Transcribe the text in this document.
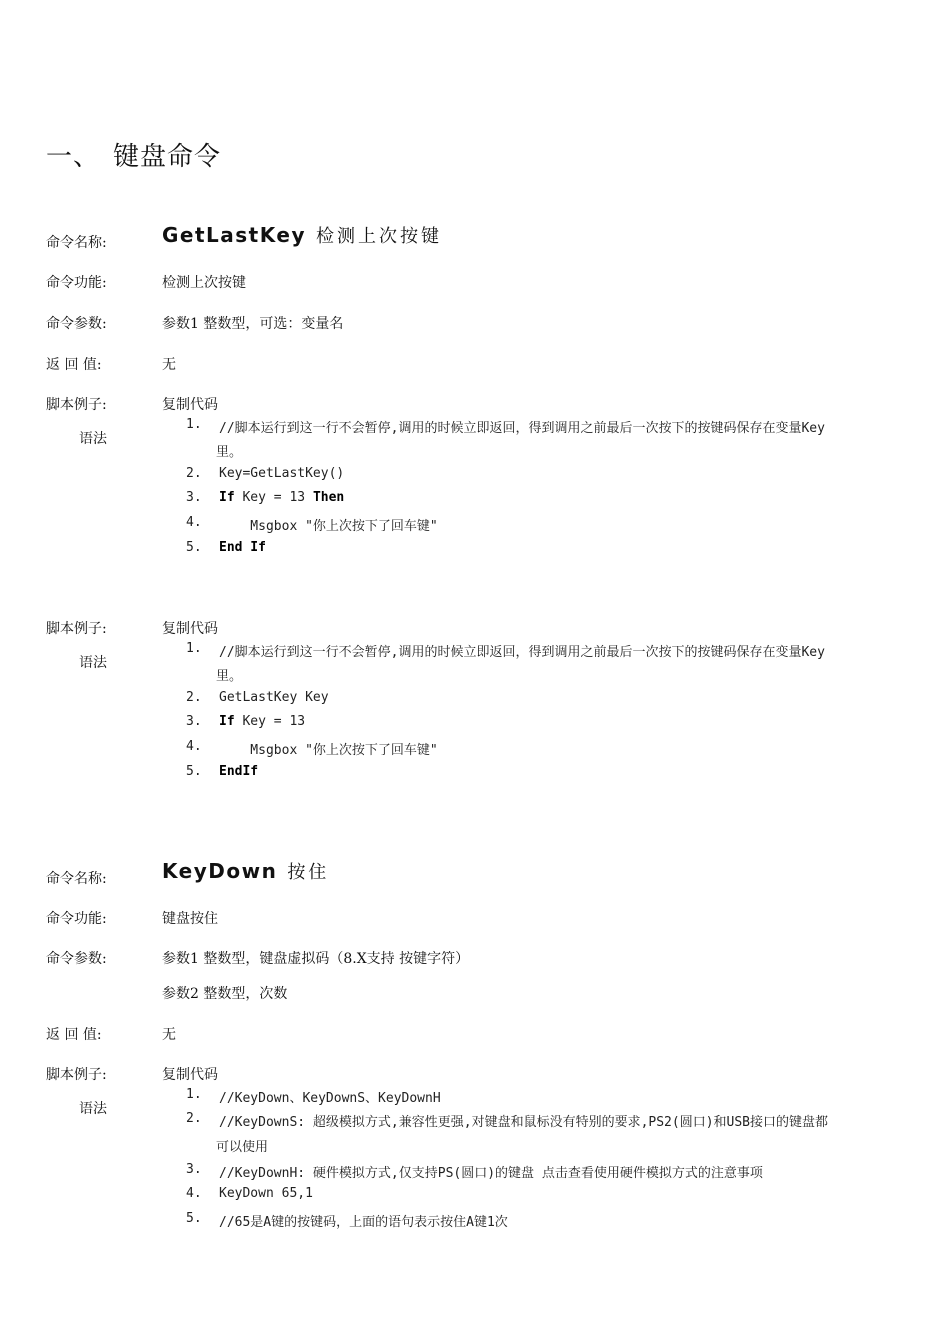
一、 键盘命令
命令名称:	GetLastKey 检测上次按键
命令功能:	检测上次按键
命令参数:	参数1 整数型，可选：变量名
返 回 值:	无
脚本例子:	复制代码
语法
1.	//脚本运行到这一行不会暂停,调用的时候立即返回，得到调用之前最后一次按下的按键码保存在变量Key
里。
2.	Key=GetLastKey()
3.	If Key = 13 Then
4.	Msgbox "你上次按下了回车键"
5.	End If
脚本例子:	复制代码
语法
1.	//脚本运行到这一行不会暂停,调用的时候立即返回，得到调用之前最后一次按下的按键码保存在变量Key
里。
2.	GetLastKey Key
3.	If Key = 13
4.	Msgbox "你上次按下了回车键"
5.	EndIf
命令名称:	KeyDown 按住
命令功能:	键盘按住
命令参数:	参数1 整数型，键盘虚拟码（8.X支持 按键字符）
参数2 整数型，次数
返 回 值:	无
脚本例子:	复制代码
语法
1.	//KeyDown、KeyDownS、KeyDownH
2.	//KeyDownS: 超级模拟方式,兼容性更强,对键盘和鼠标没有特别的要求,PS2(圆口)和USB接口的键盘都
可以使用
3.	//KeyDownH: 硬件模拟方式,仅支持PS(圆口)的键盘 点击查看使用硬件模拟方式的注意事项
4.	KeyDown 65,1
5.	//65是A键的按键码，上面的语句表示按住A键1次
